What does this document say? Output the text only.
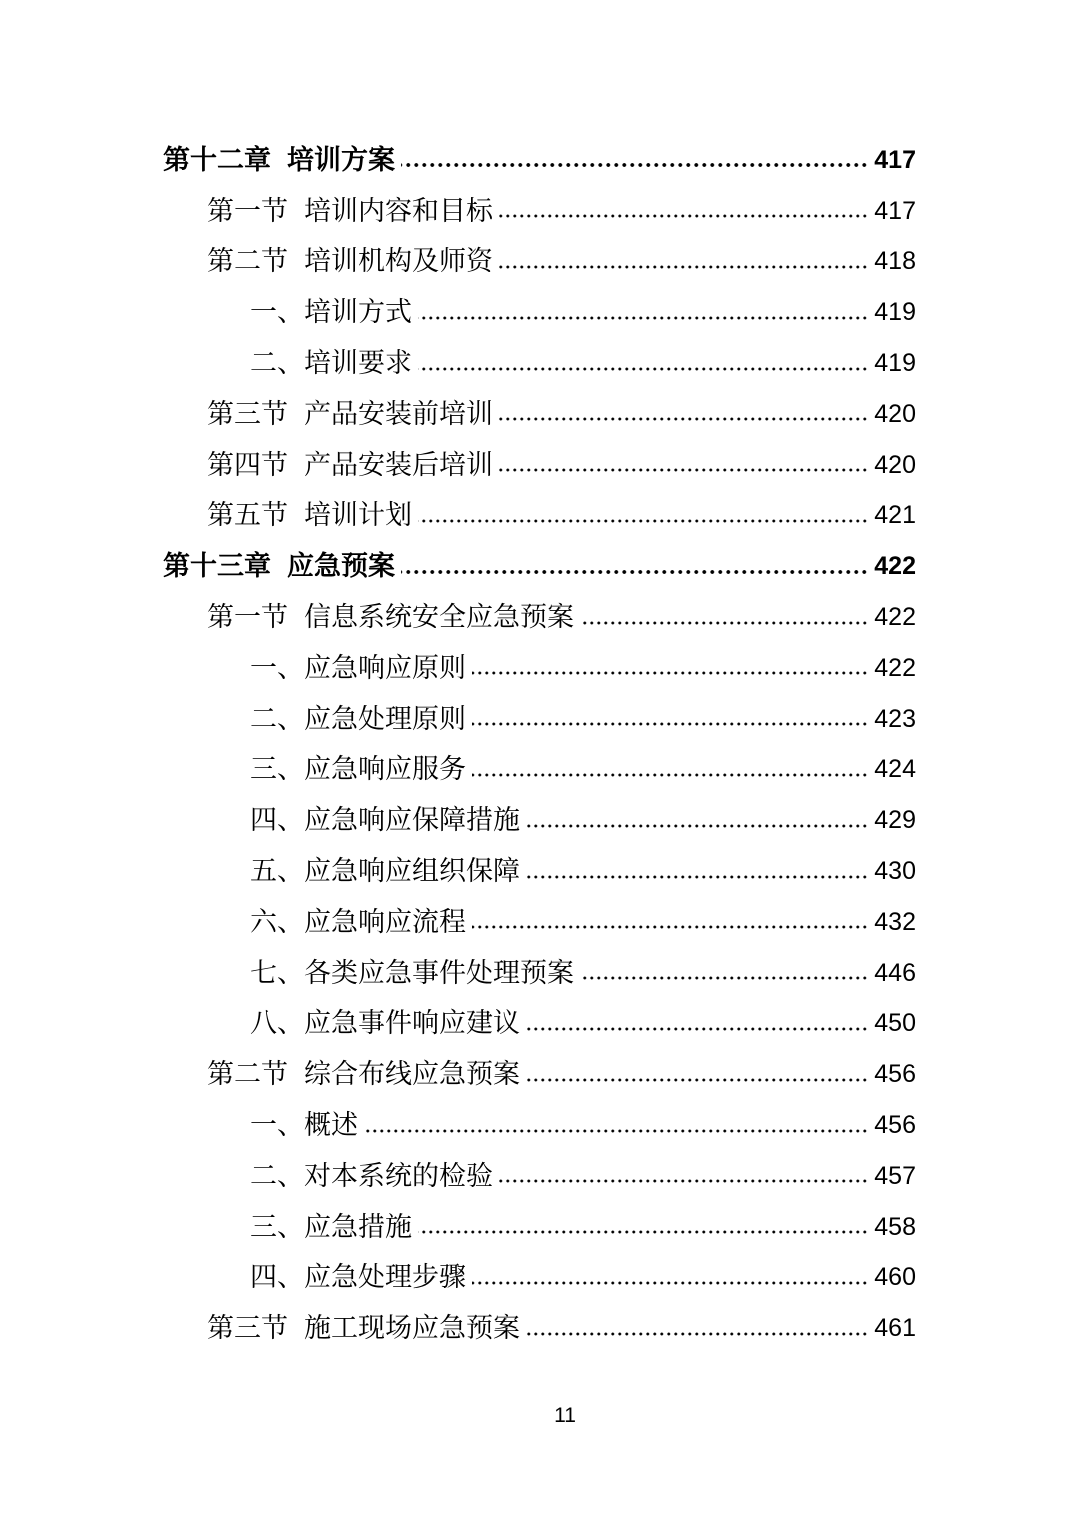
第十二章 培训方案	417
第一节 培训内容和目标	417
第二节 培训机构及师资	418
一、 培训方式	419
二、 培训要求	419
第三节 产品安装前培训	420
第四节 产品安装后培训	420
第五节 培训计划	421
第十三章 应急预案	422
第一节 信息系统安全应急预案	422
一、 应急响应原则	422
二、 应急处理原则	423
三、 应急响应服务	424
四、 应急响应保障措施	429
五、 应急响应组织保障	430
六、 应急响应流程	432
七、 各类应急事件处理预案	446
八、 应急事件响应建议	450
第二节 综合布线应急预案	456
一、 概述	456
二、 对本系统的检验	457
三、 应急措施	458
四、 应急处理步骤	460
第三节 施工现场应急预案	461
11
